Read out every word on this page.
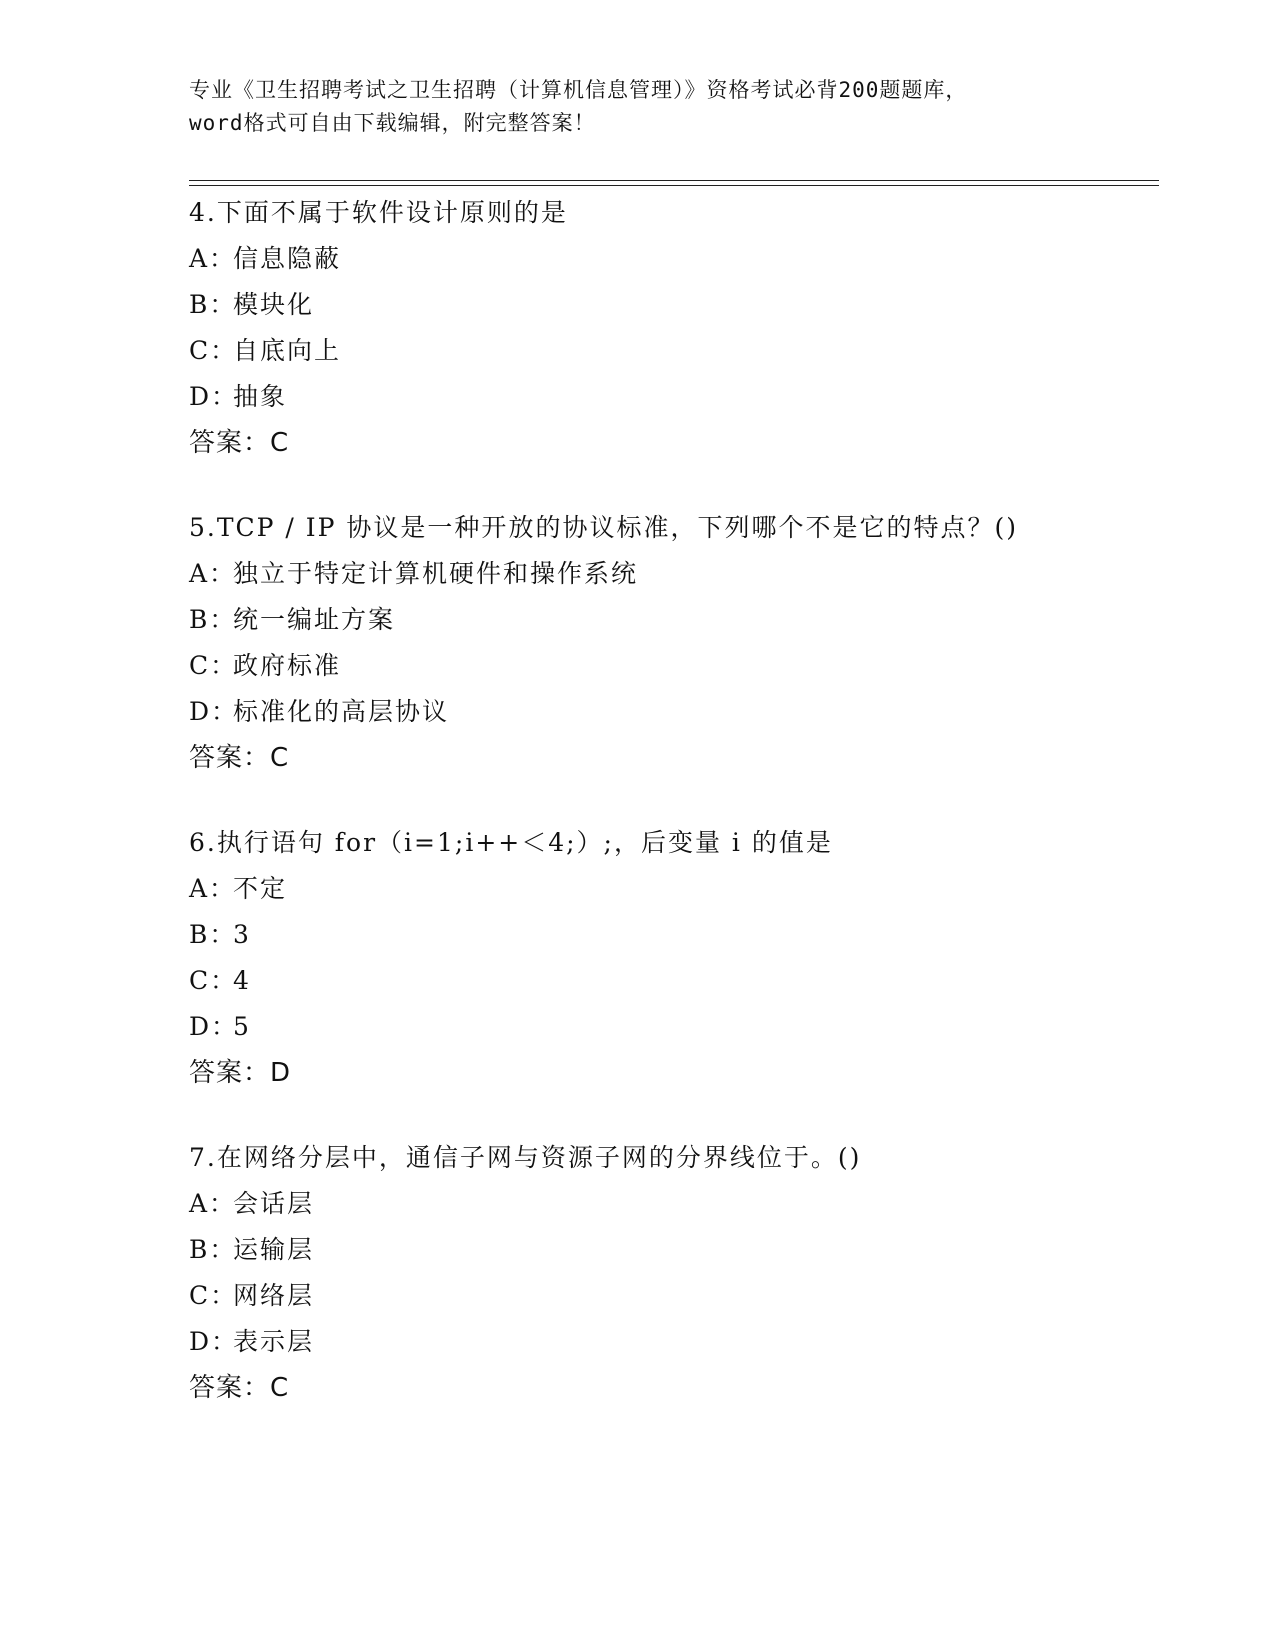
专业《卫生招聘考试之卫生招聘（计算机信息管理）》资格考试必背200题题库，
word格式可自由下载编辑，附完整答案！
4.下面不属于软件设计原则的是
A：信息隐蔽
B：模块化
C：自底向上
D：抽象
答案：C
5.TCP / IP 协议是一种开放的协议标准，下列哪个不是它的特点？()
A：独立于特定计算机硬件和操作系统
B：统一编址方案
C：政府标准
D：标准化的高层协议
答案：C
6.执行语句 for（i=1;i++＜4;）;，后变量 i 的值是
A：不定
B：3
C：4
D：5
答案：D
7.在网络分层中，通信子网与资源子网的分界线位于。()
A：会话层
B：运输层
C：网络层
D：表示层
答案：C
